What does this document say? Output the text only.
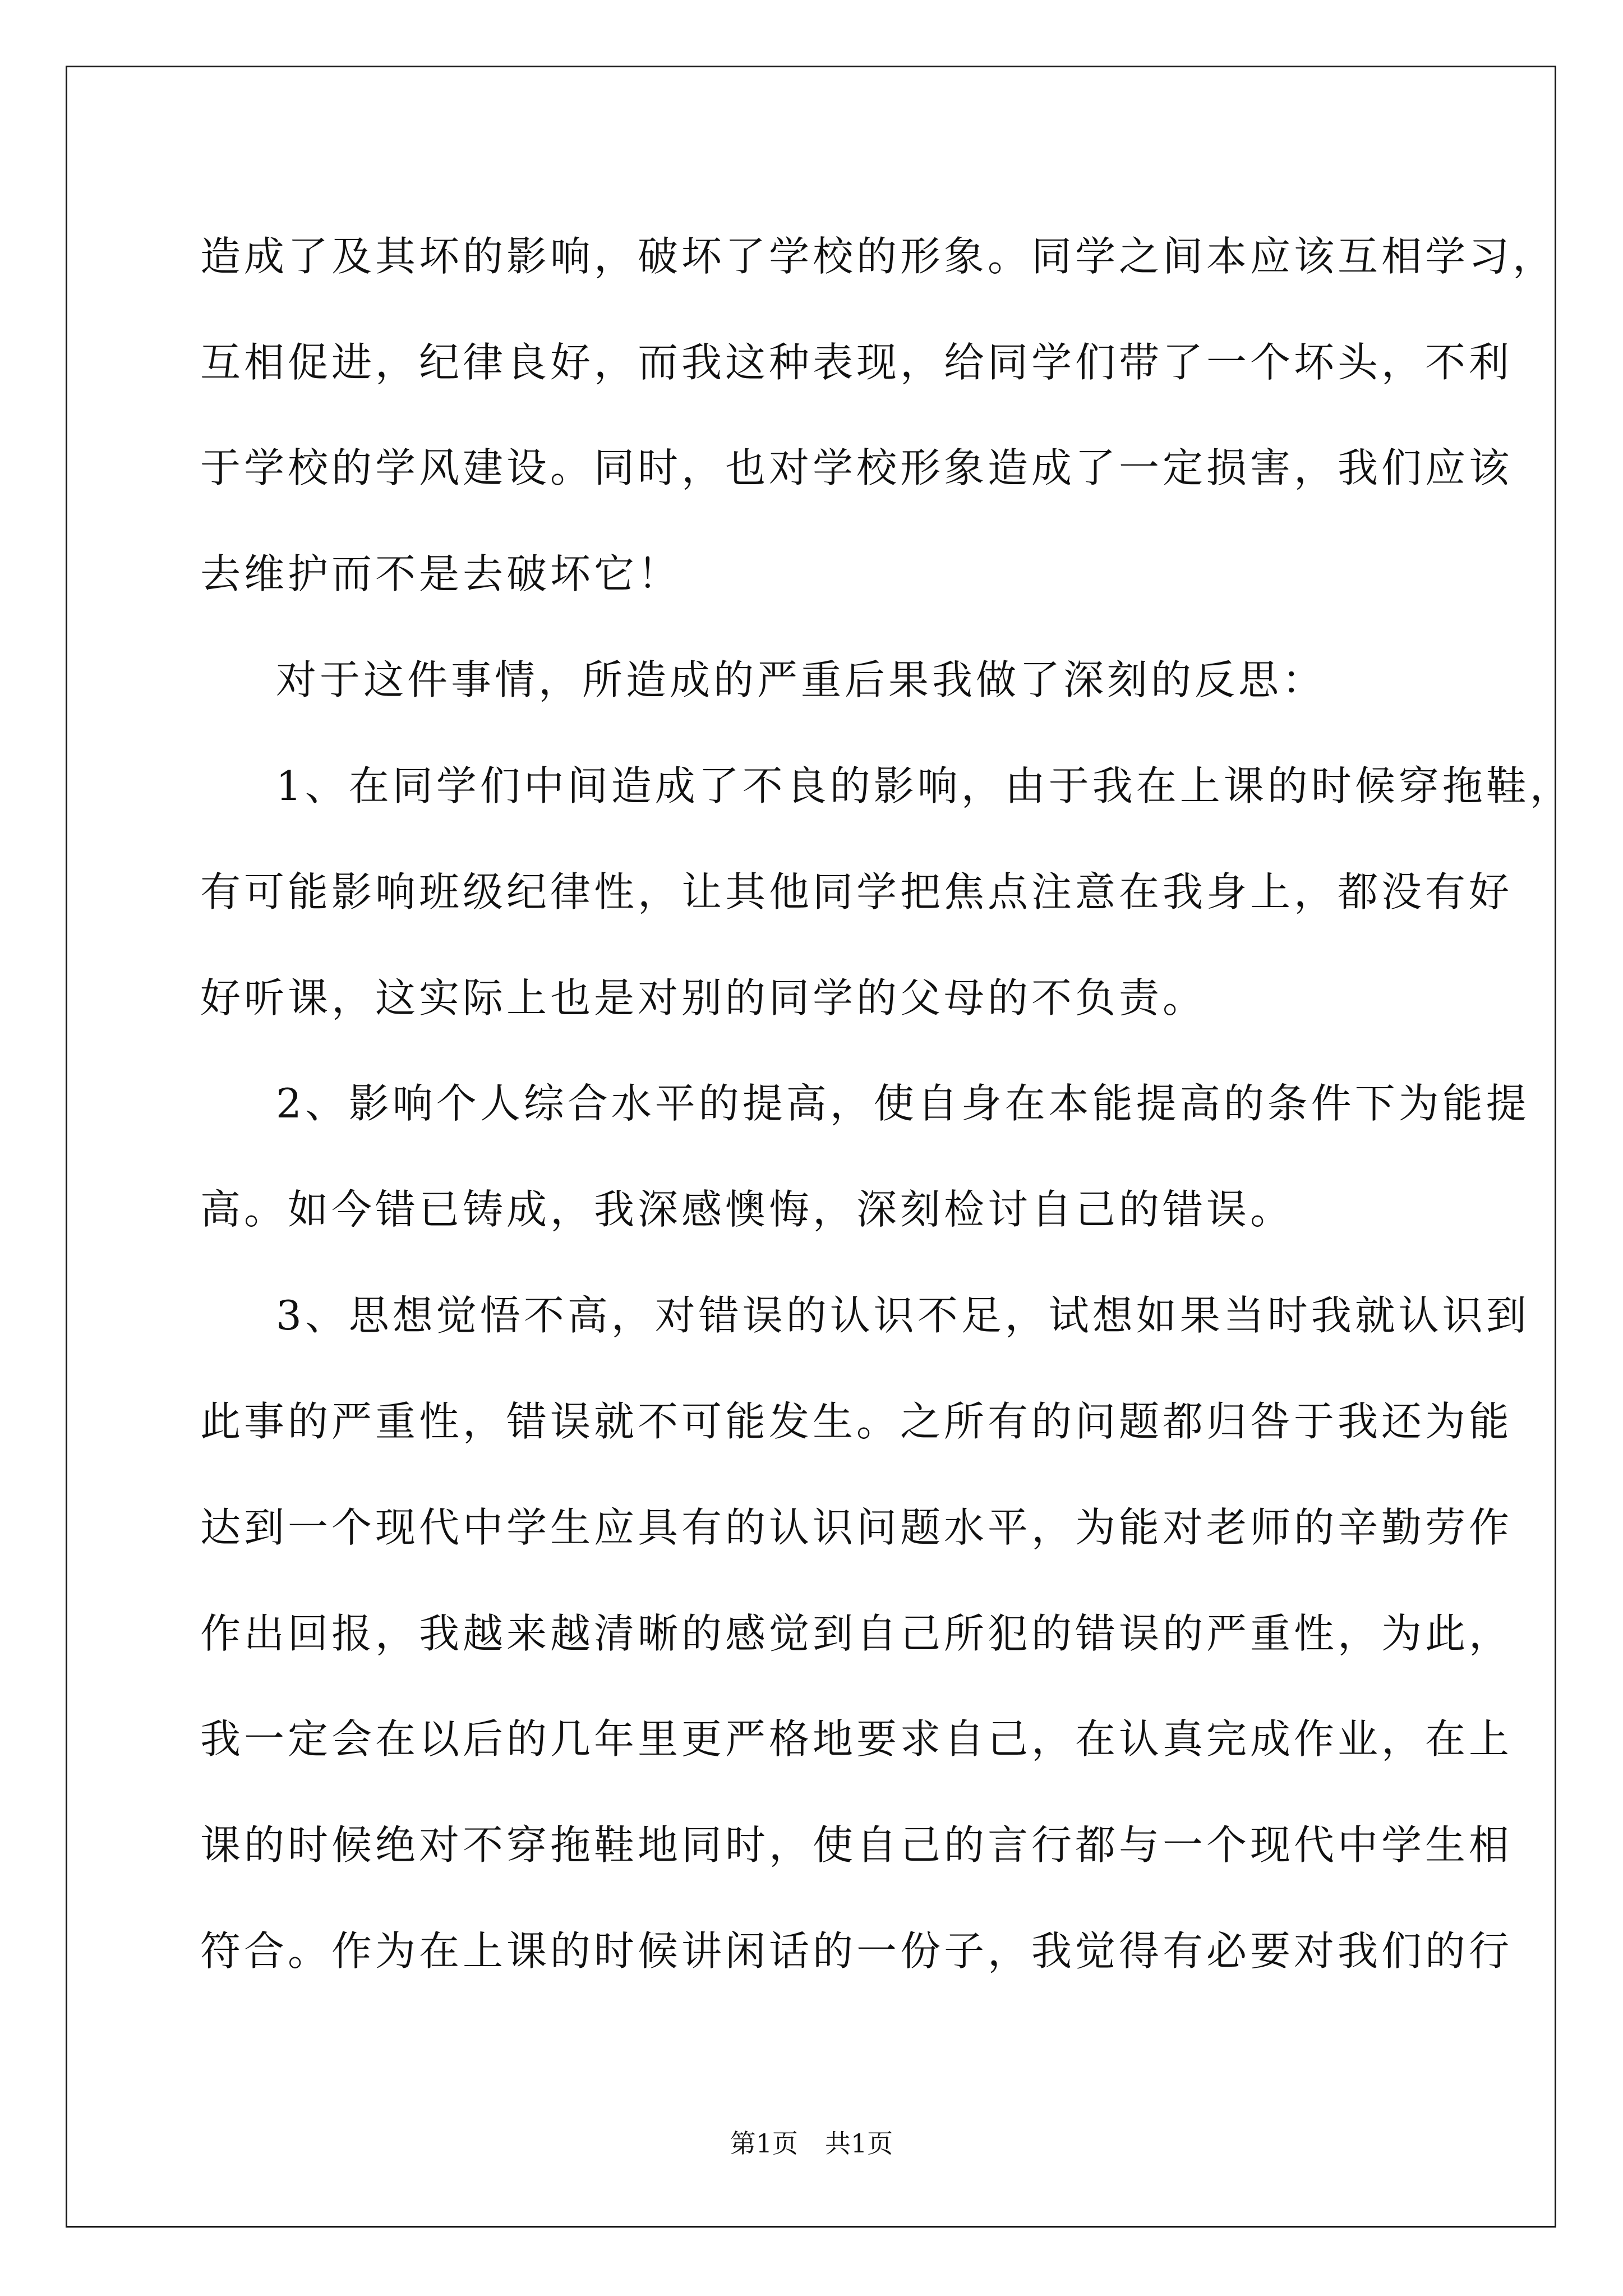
造成了及其坏的影响，破坏了学校的形象。同学之间本应该互相学习，
互相促进，纪律良好，而我这种表现，给同学们带了一个坏头，不利
于学校的学风建设。同时，也对学校形象造成了一定损害，我们应该
去维护而不是去破坏它！
对于这件事情，所造成的严重后果我做了深刻的反思：
1、在同学们中间造成了不良的影响，由于我在上课的时候穿拖鞋，
有可能影响班级纪律性，让其他同学把焦点注意在我身上，都没有好
好听课，这实际上也是对别的同学的父母的不负责。
2、影响个人综合水平的提高，使自身在本能提高的条件下为能提
高。如今错已铸成，我深感懊悔，深刻检讨自己的错误。
3、思想觉悟不高，对错误的认识不足，试想如果当时我就认识到
此事的严重性，错误就不可能发生。之所有的问题都归咎于我还为能
达到一个现代中学生应具有的认识问题水平，为能对老师的辛勤劳作
作出回报，我越来越清晰的感觉到自己所犯的错误的严重性，为此，
我一定会在以后的几年里更严格地要求自己，在认真完成作业，在上
课的时候绝对不穿拖鞋地同时，使自己的言行都与一个现代中学生相
符合。作为在上课的时候讲闲话的一份子，我觉得有必要对我们的行
第1页 共1页
